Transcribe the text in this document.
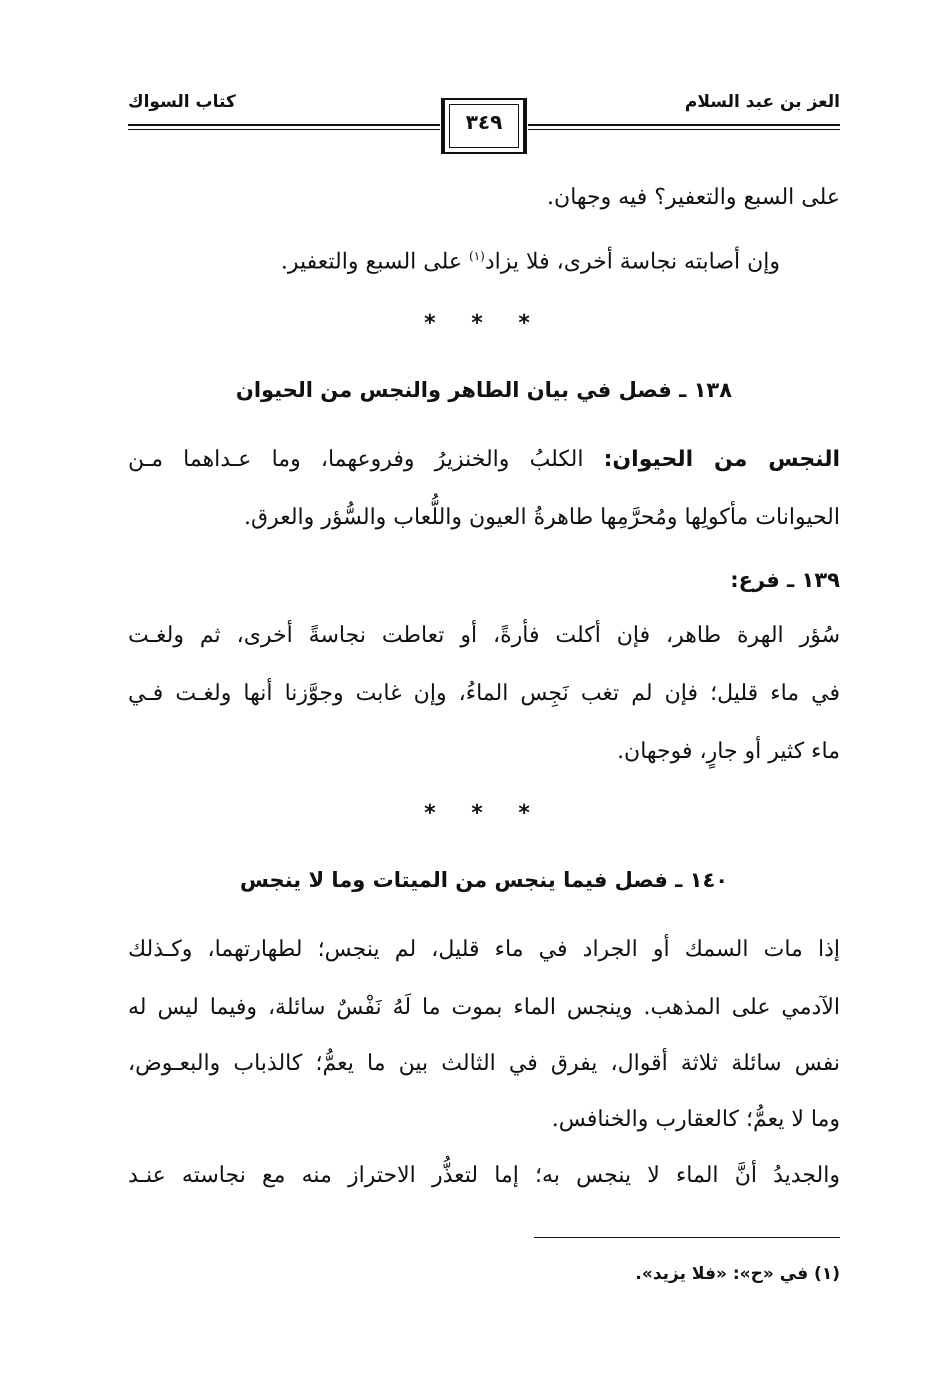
العز بن عبد السلام
كتاب السواك
٣٤٩
على السبع والتعفير؟ فيه وجهان.
وإن أصابته نجاسة أخرى، فلا يزاد$^{(١)}$ على السبع والتعفير.
* * *
١٣٨ ـ فصل في بيان الطاهر والنجس من الحيوان
النجس من الحيوان: الكلبُ والخنزيرُ وفروعهما، وما عـداهما مـن
الحيوانات مأكولِها ومُحرَّمِها طاهرةُ العيون واللُّعاب والسُّؤر والعرق.
١٣٩ ـ فرع:
سُؤر الهرة طاهر، فإن أكلت فأرةً، أو تعاطت نجاسةً أخرى، ثم ولغـت
في ماء قليل؛ فإن لم تغب نَجِس الماءُ، وإن غابت وجوَّزنا أنها ولغـت فـي
ماء كثير أو جارٍ، فوجهان.
* * *
١٤٠ ـ فصل فيما ينجس من الميتات وما لا ينجس
إذا مات السمك أو الجراد في ماء قليل، لم ينجس؛ لطهارتهما، وكـذلك
الآدمي على المذهب. وينجس الماء بموت ما لَهُ نَفْسٌ سائلة، وفيما ليس له
نفس سائلة ثلاثة أقوال، يفرق في الثالث بين ما يعمُّ؛ كالذباب والبعـوض،
وما لا يعمُّ؛ كالعقارب والخنافس.
والجديدُ أنَّ الماء لا ينجس به؛ إما لتعذُّر الاحتراز منه مع نجاسته عنـد
(١) في «ح»: «فلا يزيد».
